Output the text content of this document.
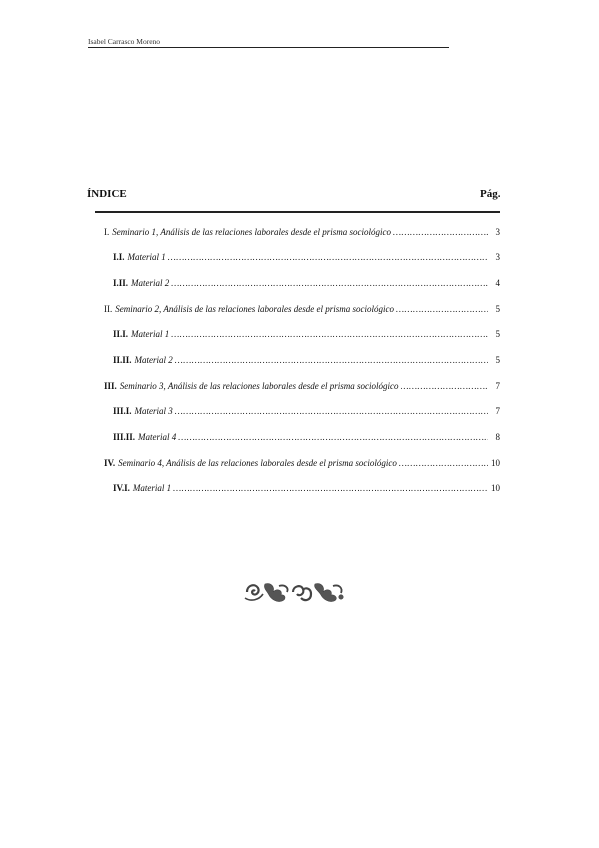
Isabel Carrasco Moreno
ÍNDICE	Pág.
I. Seminario 1, Análisis de las relaciones laborales desde el prisma sociológico …………………………………………………………………………………………………………………………………………	3
I.I. Material 1 …………………………………………………………………………………………………………………………………………	3
I.II. Material 2 …………………………………………………………………………………………………………………………………………	4
II. Seminario 2, Análisis de las relaciones laborales desde el prisma sociológico …………………………………………………………………………………………………………………………………………	5
II.I. Material 1 …………………………………………………………………………………………………………………………………………	5
II.II. Material 2 …………………………………………………………………………………………………………………………………………	5
III. Seminario 3, Análisis de las relaciones laborales desde el prisma sociológico …………………………………………………………………………………………………………………………………………	7
III.I. Material 3 …………………………………………………………………………………………………………………………………………	7
III.II. Material 4 …………………………………………………………………………………………………………………………………………	8
IV. Seminario 4, Análisis de las relaciones laborales desde el prisma sociológico …………………………………………………………………………………………………………………………………………	10
IV.I. Material 1 …………………………………………………………………………………………………………………………………………	10
